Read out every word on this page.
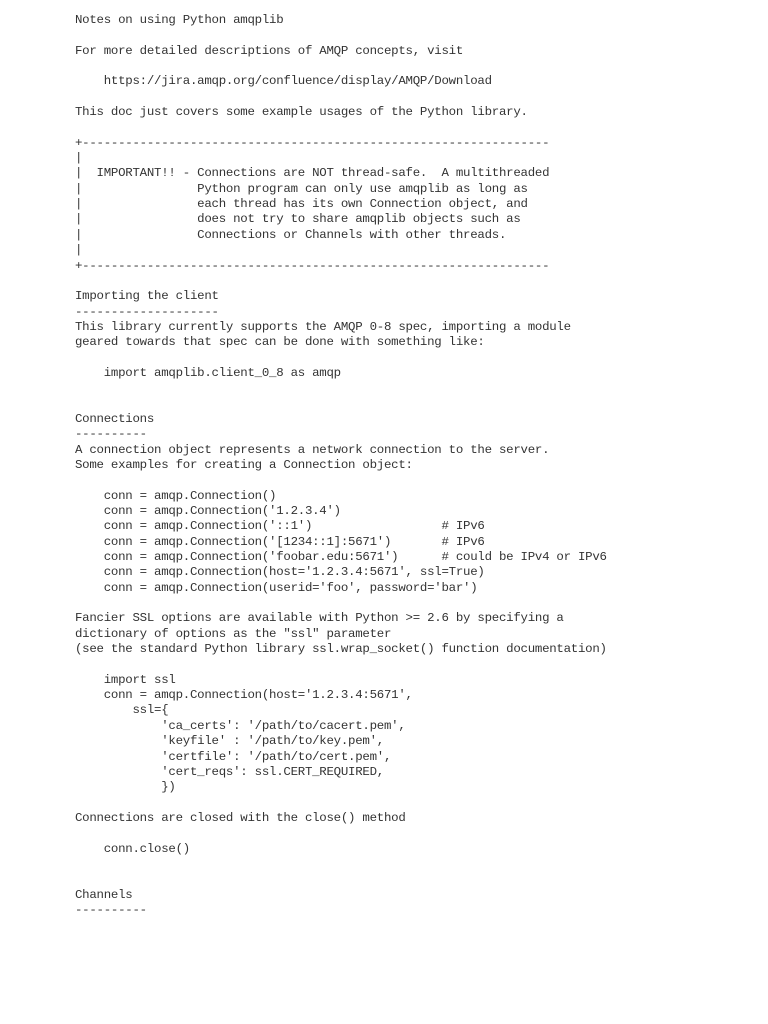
Notes on using Python amqplib
For more detailed descriptions of AMQP concepts, visit
https://jira.amqp.org/confluence/display/AMQP/Download
This doc just covers some example usages of the Python library.
+-----------------------------------------------------------------
|
|  IMPORTANT!! - Connections are NOT thread-safe.  A multithreaded
|                Python program can only use amqplib as long as
|                each thread has its own Connection object, and
|                does not try to share amqplib objects such as
|                Connections or Channels with other threads.
|
+-----------------------------------------------------------------
Importing the client
--------------------
This library currently supports the AMQP 0-8 spec, importing a module
geared towards that spec can be done with something like:
import amqplib.client_0_8 as amqp
Connections
----------
A connection object represents a network connection to the server.
Some examples for creating a Connection object:
conn = amqp.Connection()
conn = amqp.Connection('1.2.3.4')
conn = amqp.Connection('::1')                  # IPv6
conn = amqp.Connection('[1234::1]:5671')       # IPv6
conn = amqp.Connection('foobar.edu:5671')      # could be IPv4 or IPv6
conn = amqp.Connection(host='1.2.3.4:5671', ssl=True)
conn = amqp.Connection(userid='foo', password='bar')
Fancier SSL options are available with Python >= 2.6 by specifying a
dictionary of options as the "ssl" parameter
(see the standard Python library ssl.wrap_socket() function documentation)
import ssl
conn = amqp.Connection(host='1.2.3.4:5671',
ssl={
'ca_certs': '/path/to/cacert.pem',
'keyfile' : '/path/to/key.pem',
'certfile': '/path/to/cert.pem',
'cert_reqs': ssl.CERT_REQUIRED,
})
Connections are closed with the close() method
conn.close()
Channels
----------
